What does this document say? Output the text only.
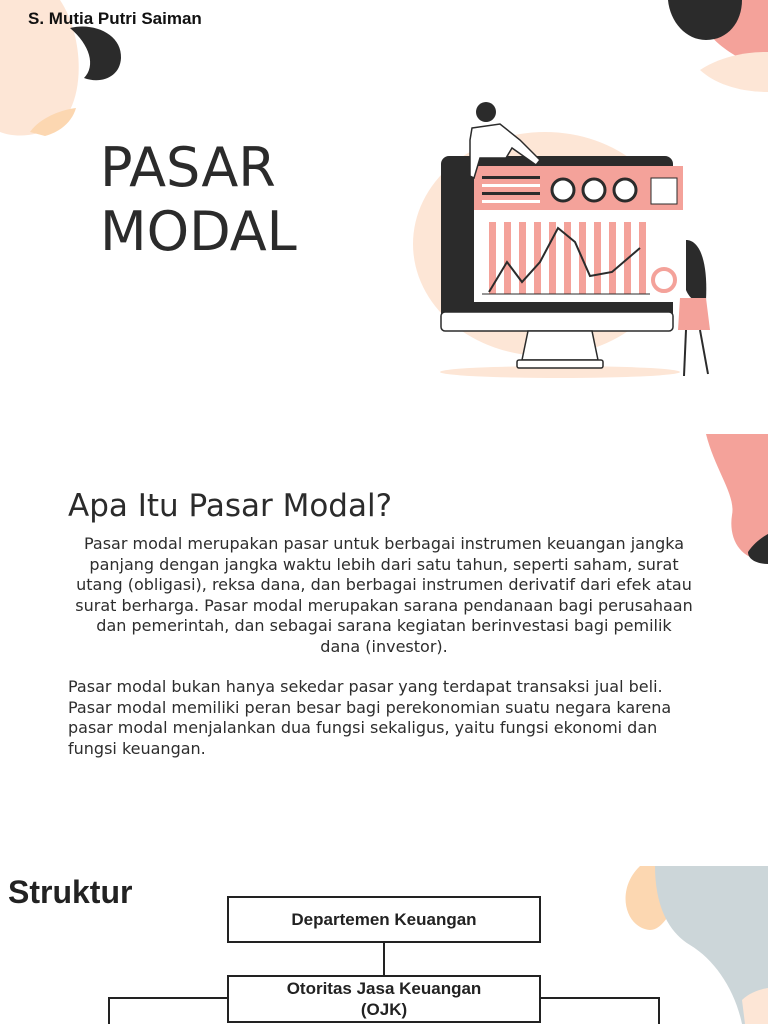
S. Mutia Putri Saiman
PASAR
MODAL
Apa Itu Pasar Modal?
Pasar modal merupakan pasar untuk berbagai instrumen keuangan jangka panjang dengan jangka waktu lebih dari satu tahun, seperti saham, surat utang (obligasi), reksa dana, dan berbagai instrumen derivatif dari efek atau surat berharga. Pasar modal merupakan sarana pendanaan bagi perusahaan dan pemerintah, dan sebagai sarana kegiatan berinvestasi bagi pemilik dana (investor).
Pasar modal bukan hanya sekedar pasar yang terdapat transaksi jual beli. Pasar modal memiliki peran besar bagi perekonomian suatu negara karena pasar modal menjalankan dua fungsi sekaligus, yaitu fungsi ekonomi dan fungsi keuangan.
Struktur
Departemen Keuangan
Otoritas Jasa Keuangan
(OJK)
